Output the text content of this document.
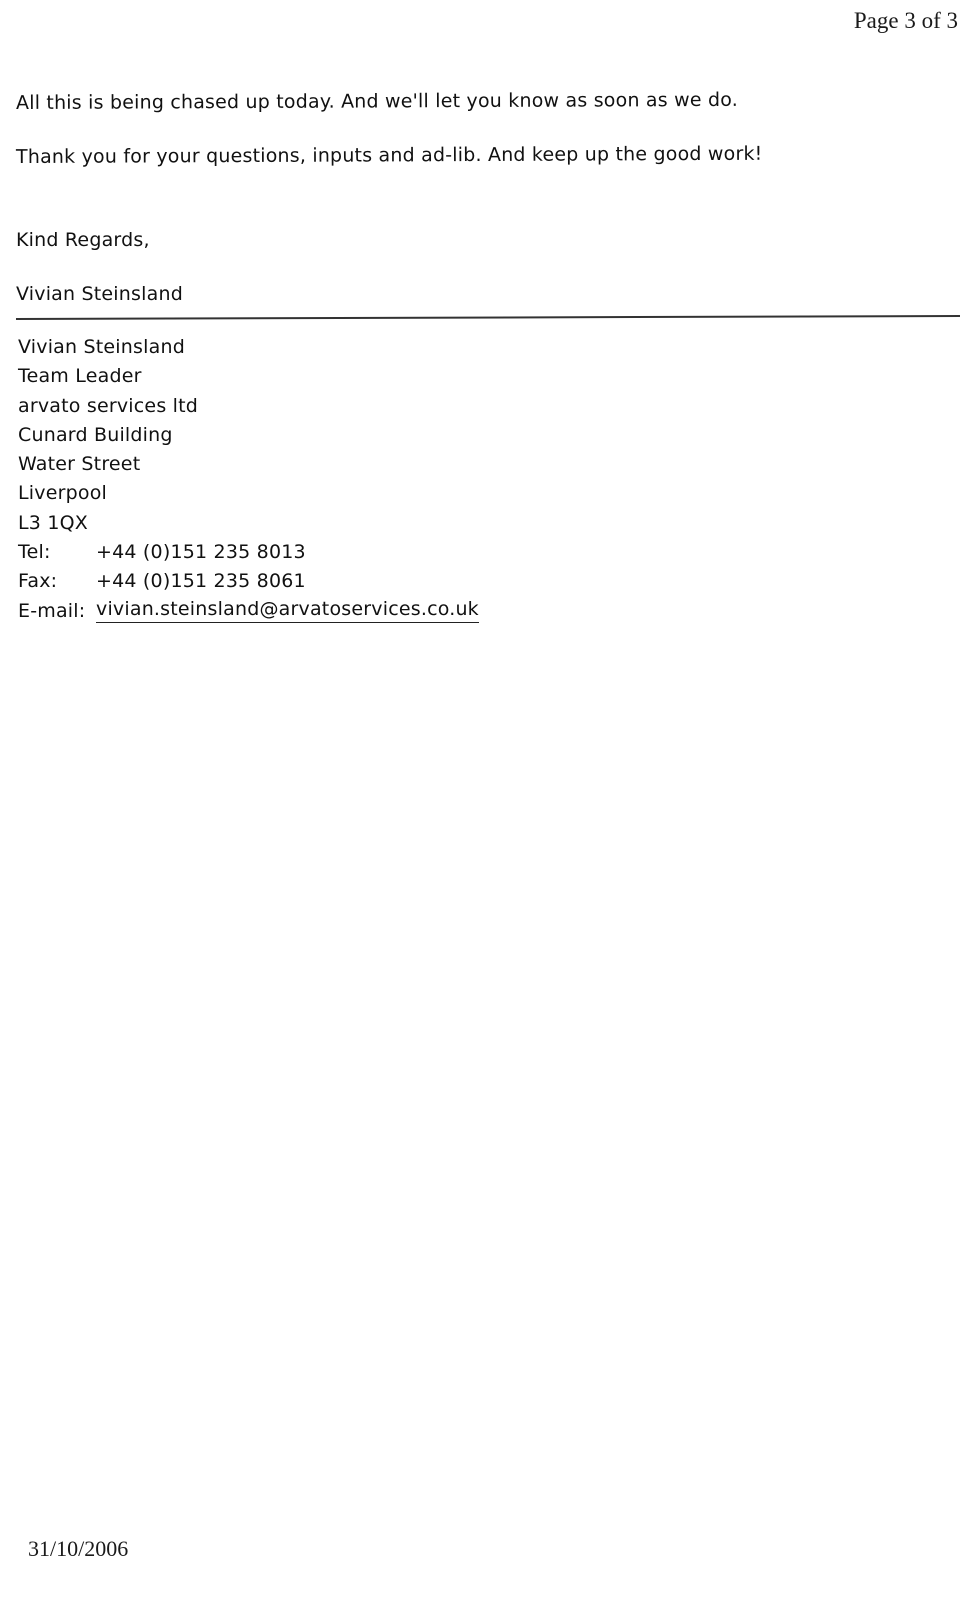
Page 3 of 3
All this is being chased up today. And we'll let you know as soon as we do.
Thank you for your questions, inputs and ad-lib. And keep up the good work!
Kind Regards,
Vivian Steinsland
Vivian Steinsland
Team Leader
arvato services ltd
Cunard Building
Water Street
Liverpool
L3 1QX
Tel:	+44 (0)151 235 8013
Fax:	+44 (0)151 235 8061
E-mail: vivian.steinsland@arvatoservices.co.uk
31/10/2006
